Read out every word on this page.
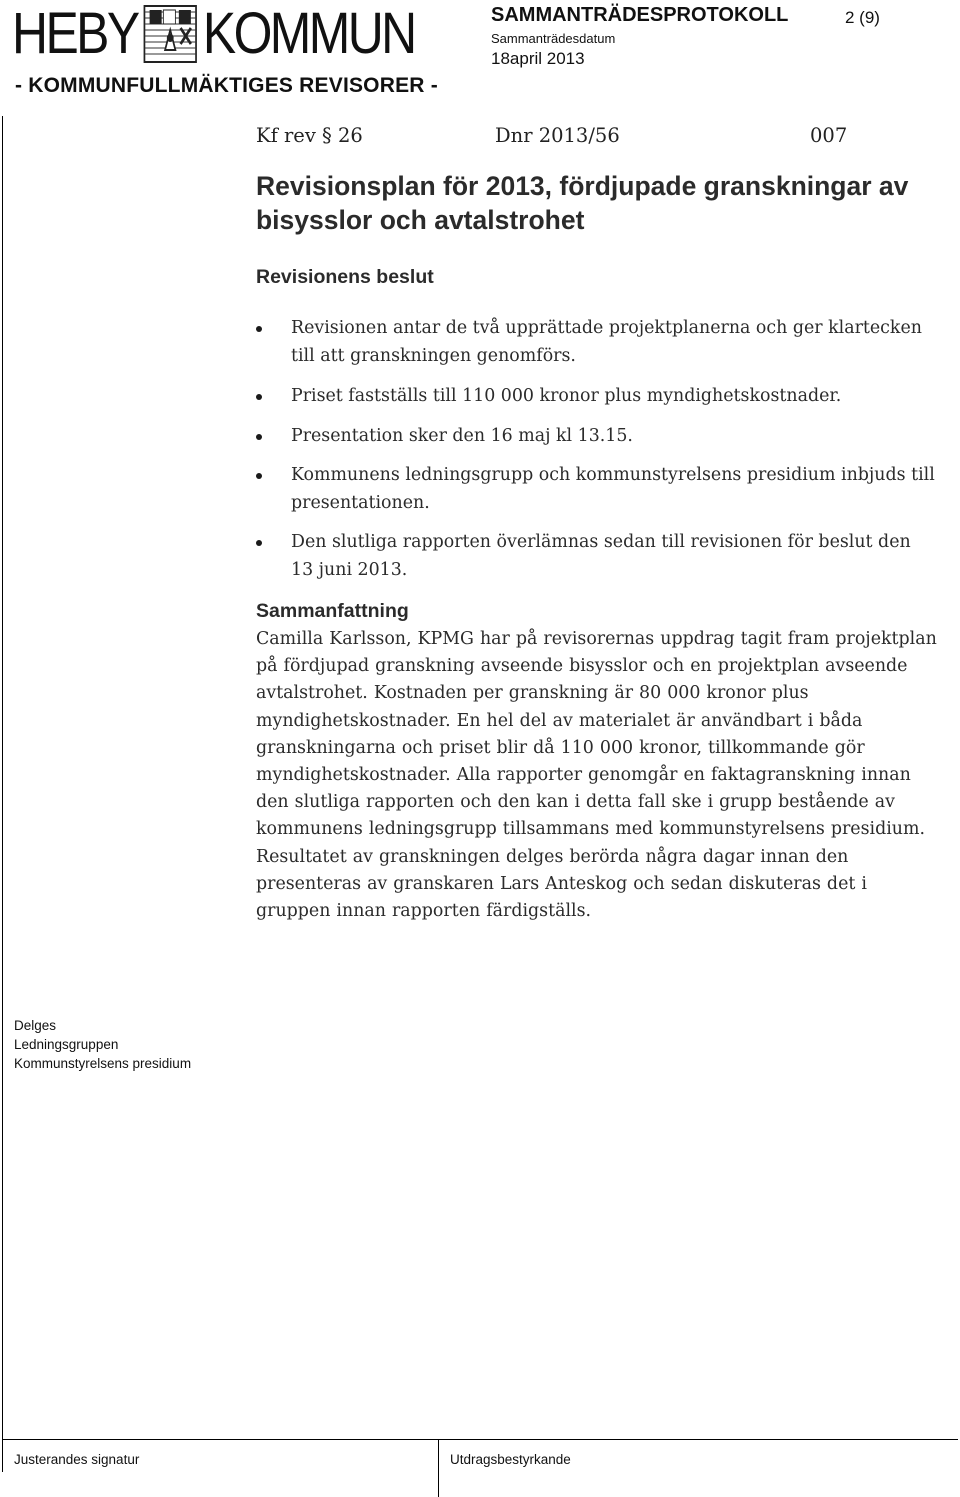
HEBY KOMMUN	SAMMANTRÄDESPROTOKOLL	2 (9)
Sammanträdesdatum
18april 2013
- KOMMUNFULLMÄKTIGES REVISORER -
Kf rev § 26	Dnr 2013/56	007
Revisionsplan för 2013, fördjupade granskningar av bisysslor och avtalstrohet
Revisionens beslut
Revisionen antar de två upprättade projektplanerna och ger klartecken till att granskningen genomförs.
Priset fastställs till 110 000 kronor plus myndighetskostnader.
Presentation sker den 16 maj kl 13.15.
Kommunens ledningsgrupp och kommunstyrelsens presidium inbjuds till presentationen.
Den slutliga rapporten överlämnas sedan till revisionen för beslut den 13 juni 2013.
Sammanfattning
Camilla Karlsson, KPMG har på revisorernas uppdrag tagit fram projektplan på fördjupad granskning avseende bisysslor och en projektplan avseende avtalstrohet. Kostnaden per granskning är 80 000 kronor plus myndighetskostnader. En hel del av materialet är användbart i båda granskningarna och priset blir då 110 000 kronor, tillkommande gör myndighetskostnader. Alla rapporter genomgår en faktagranskning innan den slutliga rapporten och den kan i detta fall ske i grupp bestående av kommunens ledningsgrupp tillsammans med kommunstyrelsens presidium. Resultatet av granskningen delges berörda några dagar innan den presenteras av granskaren Lars Anteskog och sedan diskuteras det i gruppen innan rapporten färdigställs.
Delges
Ledningsgruppen
Kommunstyrelsens presidium
Justerandes signatur	Utdragsbestyrkande
